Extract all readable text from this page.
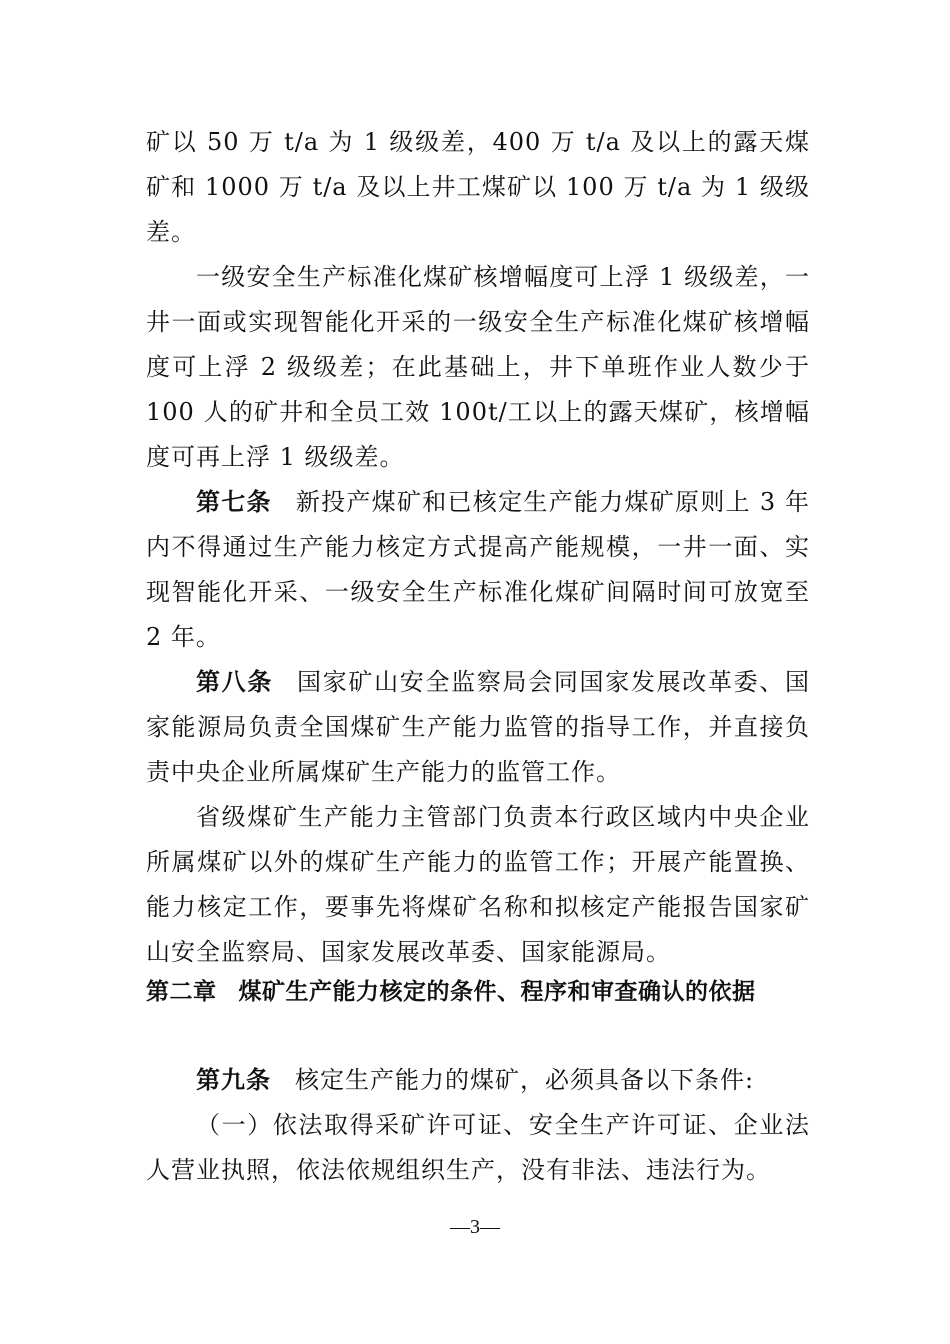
矿以 50 万 t/a 为 1 级级差，400 万 t/a 及以上的露天煤矿和 1000 万 t/a 及以上井工煤矿以 100 万 t/a 为 1 级级差。

一级安全生产标准化煤矿核增幅度可上浮 1 级级差，一井一面或实现智能化开采的一级安全生产标准化煤矿核增幅度可上浮 2 级级差；在此基础上，井下单班作业人数少于 100 人的矿井和全员工效 100t/工以上的露天煤矿，核增幅度可再上浮 1 级级差。

第七条 新投产煤矿和已核定生产能力煤矿原则上 3 年内不得通过生产能力核定方式提高产能规模，一井一面、实现智能化开采、一级安全生产标准化煤矿间隔时间可放宽至 2 年。

第八条 国家矿山安全监察局会同国家发展改革委、国家能源局负责全国煤矿生产能力监管的指导工作，并直接负责中央企业所属煤矿生产能力的监管工作。

省级煤矿生产能力主管部门负责本行政区域内中央企业所属煤矿以外的煤矿生产能力的监管工作；开展产能置换、能力核定工作，要事先将煤矿名称和拟核定产能报告国家矿山安全监察局、国家发展改革委、国家能源局。

第二章 煤矿生产能力核定的条件、程序和审查确认的依据

第九条 核定生产能力的煤矿，必须具备以下条件:

（一）依法取得采矿许可证、安全生产许可证、企业法人营业执照，依法依规组织生产，没有非法、违法行为。

—3—
